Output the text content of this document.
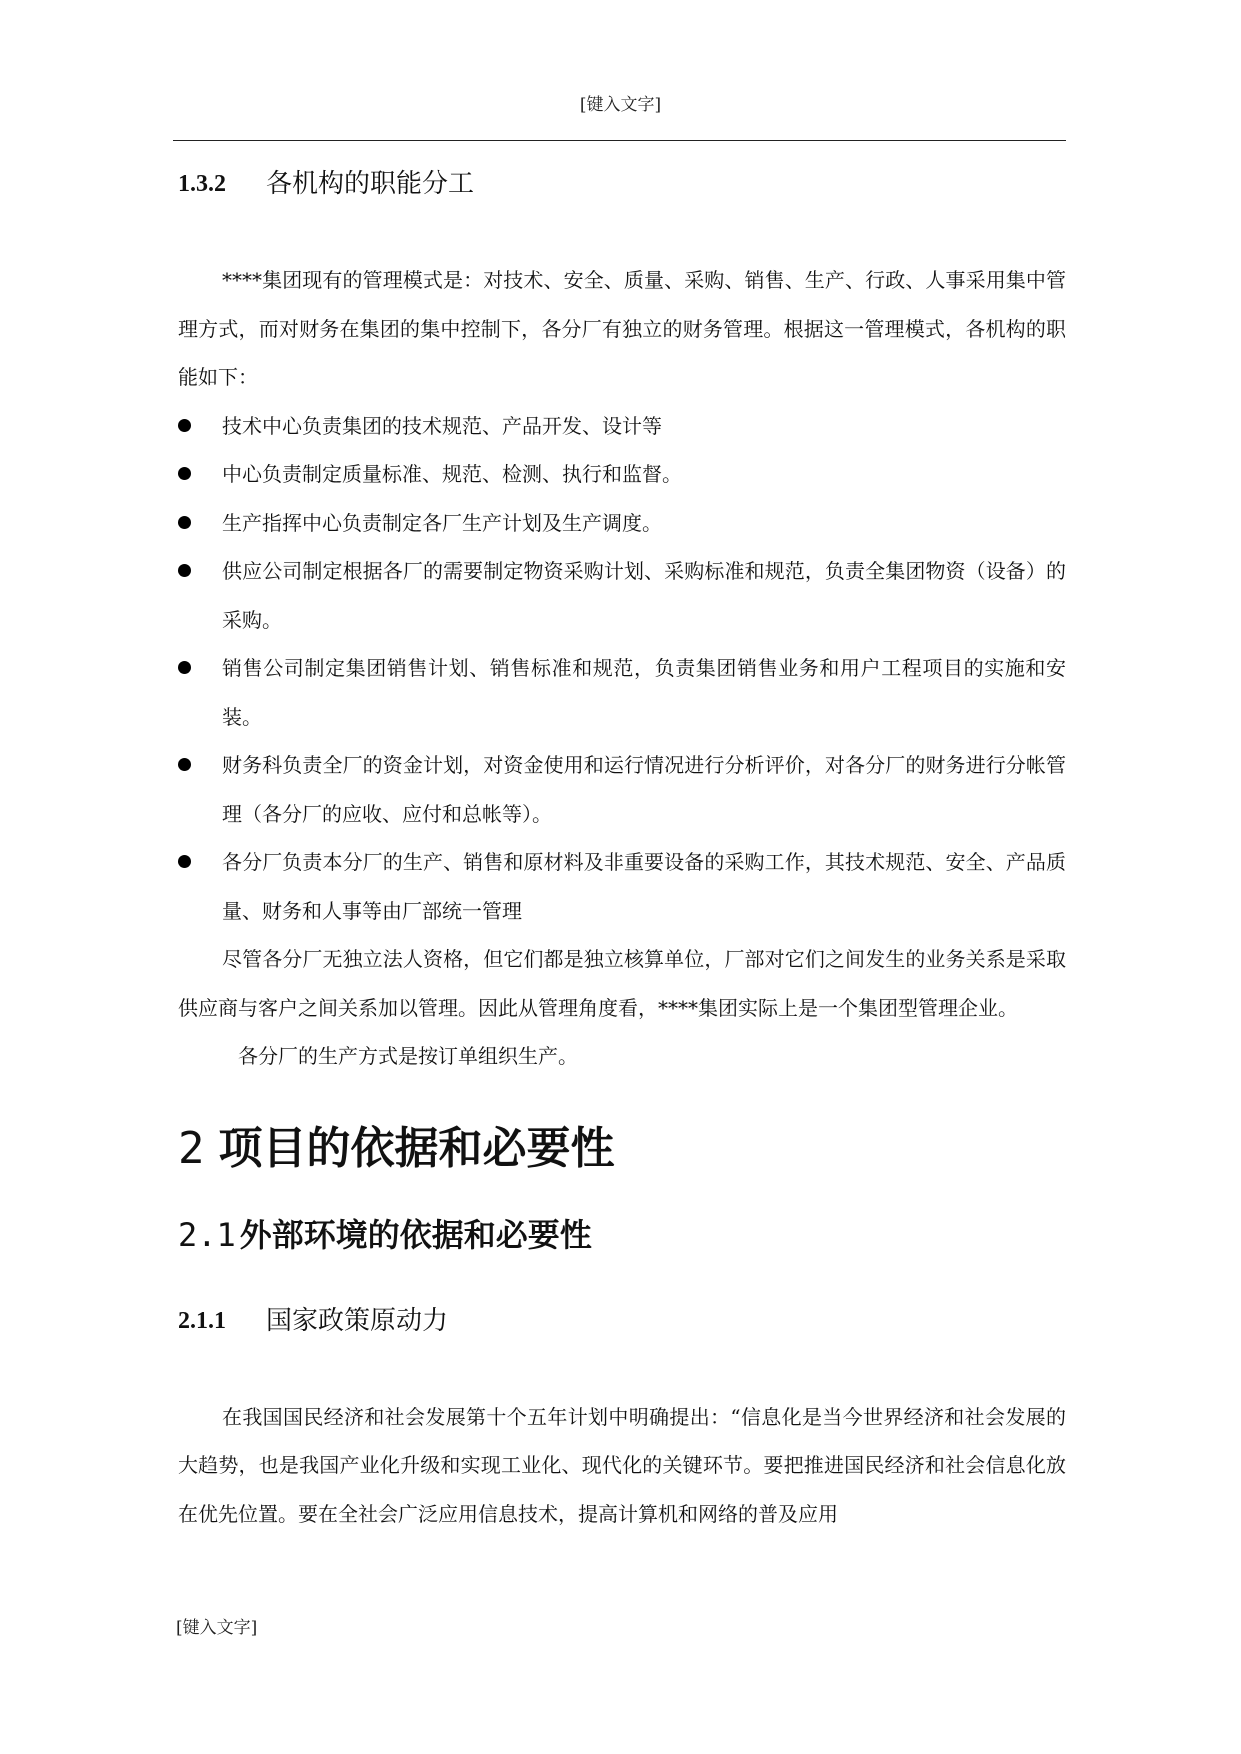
[键入文字]
1.3.2	各机构的职能分工

****集团现有的管理模式是：对技术、安全、质量、采购、销售、生产、行政、人事采用集中管理方式，而对财务在集团的集中控制下，各分厂有独立的财务管理。根据这一管理模式，各机构的职能如下：

技术中心负责集团的技术规范、产品开发、设计等
中心负责制定质量标准、规范、检测、执行和监督。
生产指挥中心负责制定各厂生产计划及生产调度。
供应公司制定根据各厂的需要制定物资采购计划、采购标准和规范，负责全集团物资（设备）的采购。
销售公司制定集团销售计划、销售标准和规范，负责集团销售业务和用户工程项目的实施和安装。
财务科负责全厂的资金计划，对资金使用和运行情况进行分析评价，对各分厂的财务进行分帐管理（各分厂的应收、应付和总帐等）。
各分厂负责本分厂的生产、销售和原材料及非重要设备的采购工作，其技术规范、安全、产品质量、财务和人事等由厂部统一管理

尽管各分厂无独立法人资格，但它们都是独立核算单位，厂部对它们之间发生的业务关系是采取供应商与客户之间关系加以管理。因此从管理角度看，****集团实际上是一个集团型管理企业。

各分厂的生产方式是按订单组织生产。

2 项目的依据和必要性
2.1 外部环境的依据和必要性
2.1.1	国家政策原动力

在我国国民经济和社会发展第十个五年计划中明确提出：“信息化是当今世界经济和社会发展的大趋势，也是我国产业化升级和实现工业化、现代化的关键环节。要把推进国民经济和社会信息化放在优先位置。要在全社会广泛应用信息技术，提高计算机和网络的普及应用

[键入文字]
